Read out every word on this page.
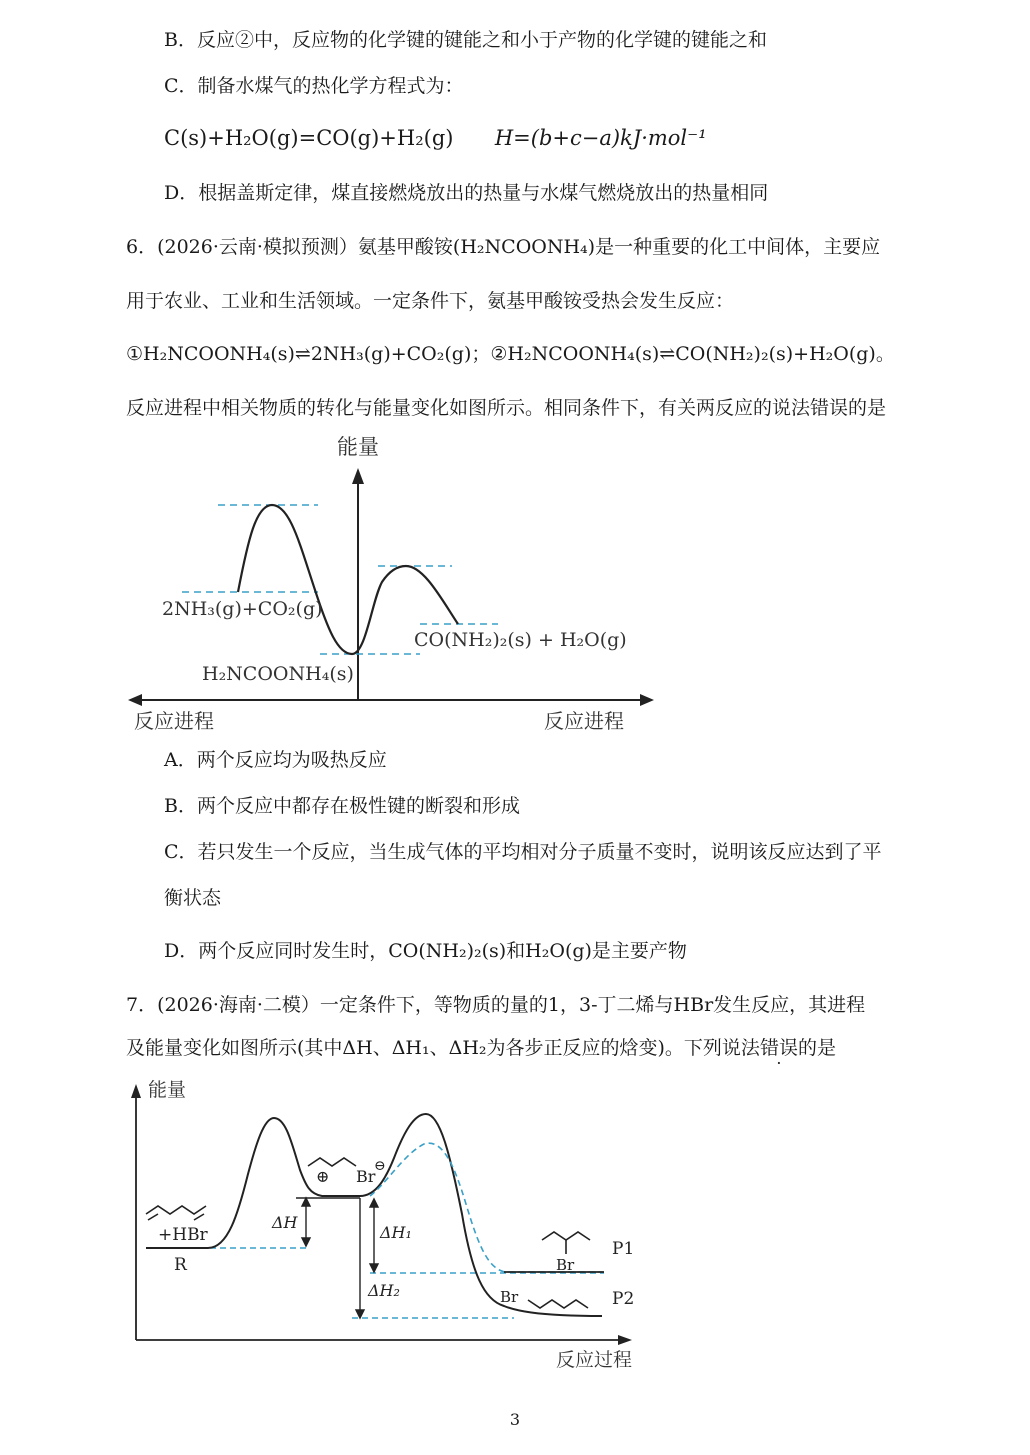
B．反应②中，反应物的化学键的键能之和小于产物的化学键的键能之和
C．制备水煤气的热化学方程式为：
C(s)+H₂O(g)=CO(g)+H₂(g) H=(b+c−a)kJ·mol⁻¹
D．根据盖斯定律，煤直接燃烧放出的热量与水煤气燃烧放出的热量相同
6．(2026·云南·模拟预测）氨基甲酸铵(H₂NCOONH₄)是一种重要的化工中间体，主要应
用于农业、工业和生活领域。一定条件下，氨基甲酸铵受热会发生反应：
①H₂NCOONH₄(s)⇌2NH₃(g)+CO₂(g)；②H₂NCOONH₄(s)⇌CO(NH₂)₂(s)+H₂O(g)。
反应进程中相关物质的转化与能量变化如图所示。相同条件下，有关两反应的说法错误的是
能量
2NH₃(g)+CO₂(g)
H₂NCOONH₄(s)
CO(NH₂)₂(s) + H₂O(g)
反应进程	反应进程
A．两个反应均为吸热反应
B．两个反应中都存在极性键的断裂和形成
C．若只发生一个反应，当生成气体的平均相对分子质量不变时，说明该反应达到了平
衡状态
D．两个反应同时发生时，CO(NH₂)₂(s)和H₂O(g)是主要产物
7．(2026·海南·二模）一定条件下，等物质的量的1，3-丁二烯与HBr发生反应，其进程
及能量变化如图所示(其中ΔH、ΔH₁、ΔH₂为各步正反应的焓变)。下列说法错误的是
能量
反应过程
+HBr
R
⊕ Br
⊖
ΔH
ΔH₁
ΔH₂
P1
P2
Br
Br
3
